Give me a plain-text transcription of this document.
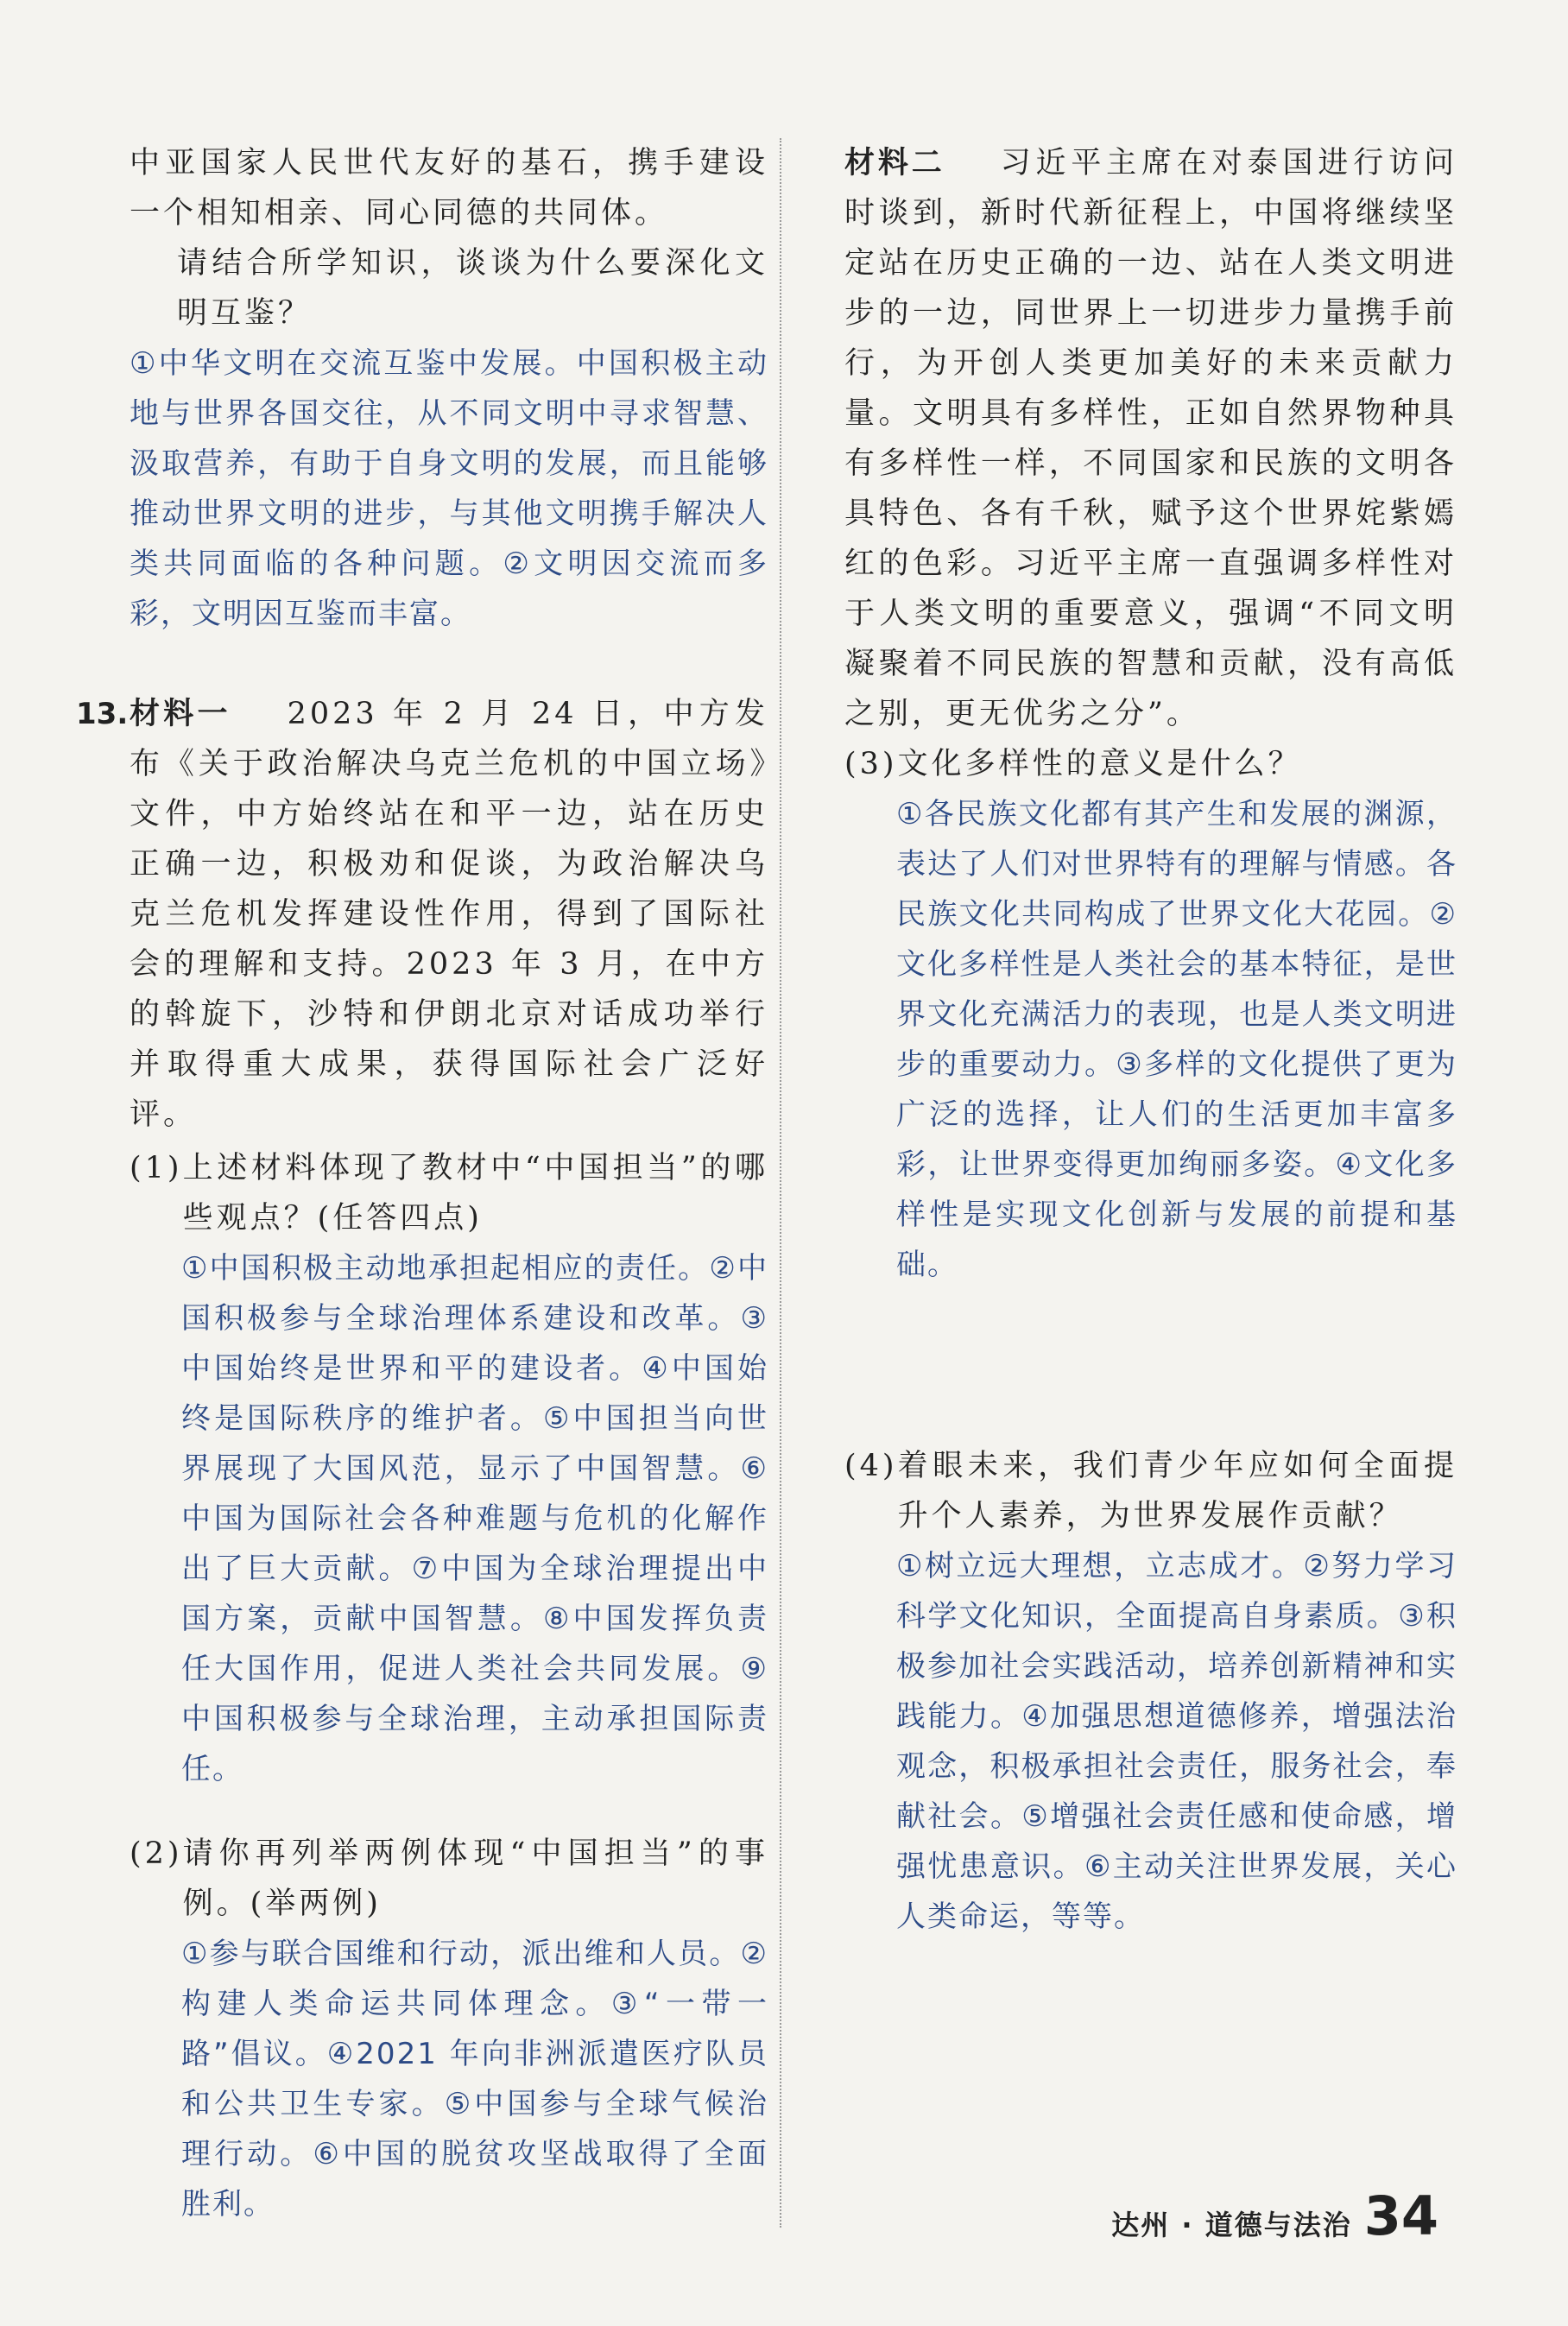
中亚国家人民世代友好的基石，携手建设一个相知相亲、同心同德的共同体。

请结合所学知识，谈谈为什么要深化文明互鉴？

①中华文明在交流互鉴中发展。中国积极主动地与世界各国交往，从不同文明中寻求智慧、汲取营养，有助于自身文明的发展，而且能够推动世界文明的进步，与其他文明携手解决人类共同面临的各种问题。②文明因交流而多彩，文明因互鉴而丰富。

13. 材料一 2023 年 2 月 24 日，中方发布《关于政治解决乌克兰危机的中国立场》文件，中方始终站在和平一边，站在历史正确一边，积极劝和促谈，为政治解决乌克兰危机发挥建设性作用，得到了国际社会的理解和支持。2023 年 3 月，在中方的斡旋下，沙特和伊朗北京对话成功举行并取得重大成果，获得国际社会广泛好评。

(1) 上述材料体现了教材中“中国担当”的哪些观点？(任答四点)

①中国积极主动地承担起相应的责任。②中国积极参与全球治理体系建设和改革。③中国始终是世界和平的建设者。④中国始终是国际秩序的维护者。⑤中国担当向世界展现了大国风范，显示了中国智慧。⑥中国为国际社会各种难题与危机的化解作出了巨大贡献。⑦中国为全球治理提出中国方案，贡献中国智慧。⑧中国发挥负责任大国作用，促进人类社会共同发展。⑨中国积极参与全球治理，主动承担国际责任。

(2) 请你再列举两例体现“中国担当”的事例。(举两例)

①参与联合国维和行动，派出维和人员。②构建人类命运共同体理念。③“一带一路”倡议。④2021 年向非洲派遣医疗队员和公共卫生专家。⑤中国参与全球气候治理行动。⑥中国的脱贫攻坚战取得了全面胜利。

材料二 习近平主席在对泰国进行访问时谈到，新时代新征程上，中国将继续坚定站在历史正确的一边、站在人类文明进步的一边，同世界上一切进步力量携手前行，为开创人类更加美好的未来贡献力量。文明具有多样性，正如自然界物种具有多样性一样，不同国家和民族的文明各具特色、各有千秋，赋予这个世界姹紫嫣红的色彩。习近平主席一直强调多样性对于人类文明的重要意义，强调“不同文明凝聚着不同民族的智慧和贡献，没有高低之别，更无优劣之分”。

(3) 文化多样性的意义是什么？

①各民族文化都有其产生和发展的渊源，表达了人们对世界特有的理解与情感。各民族文化共同构成了世界文化大花园。②文化多样性是人类社会的基本特征，是世界文化充满活力的表现，也是人类文明进步的重要动力。③多样的文化提供了更为广泛的选择，让人们的生活更加丰富多彩，让世界变得更加绚丽多姿。④文化多样性是实现文化创新与发展的前提和基础。

(4) 着眼未来，我们青少年应如何全面提升个人素养，为世界发展作贡献？

①树立远大理想，立志成才。②努力学习科学文化知识，全面提高自身素质。③积极参加社会实践活动，培养创新精神和实践能力。④加强思想道德修养，增强法治观念，积极承担社会责任，服务社会，奉献社会。⑤增强社会责任感和使命感，增强忧患意识。⑥主动关注世界发展，关心人类命运，等等。

达州 · 道德与法治 34
